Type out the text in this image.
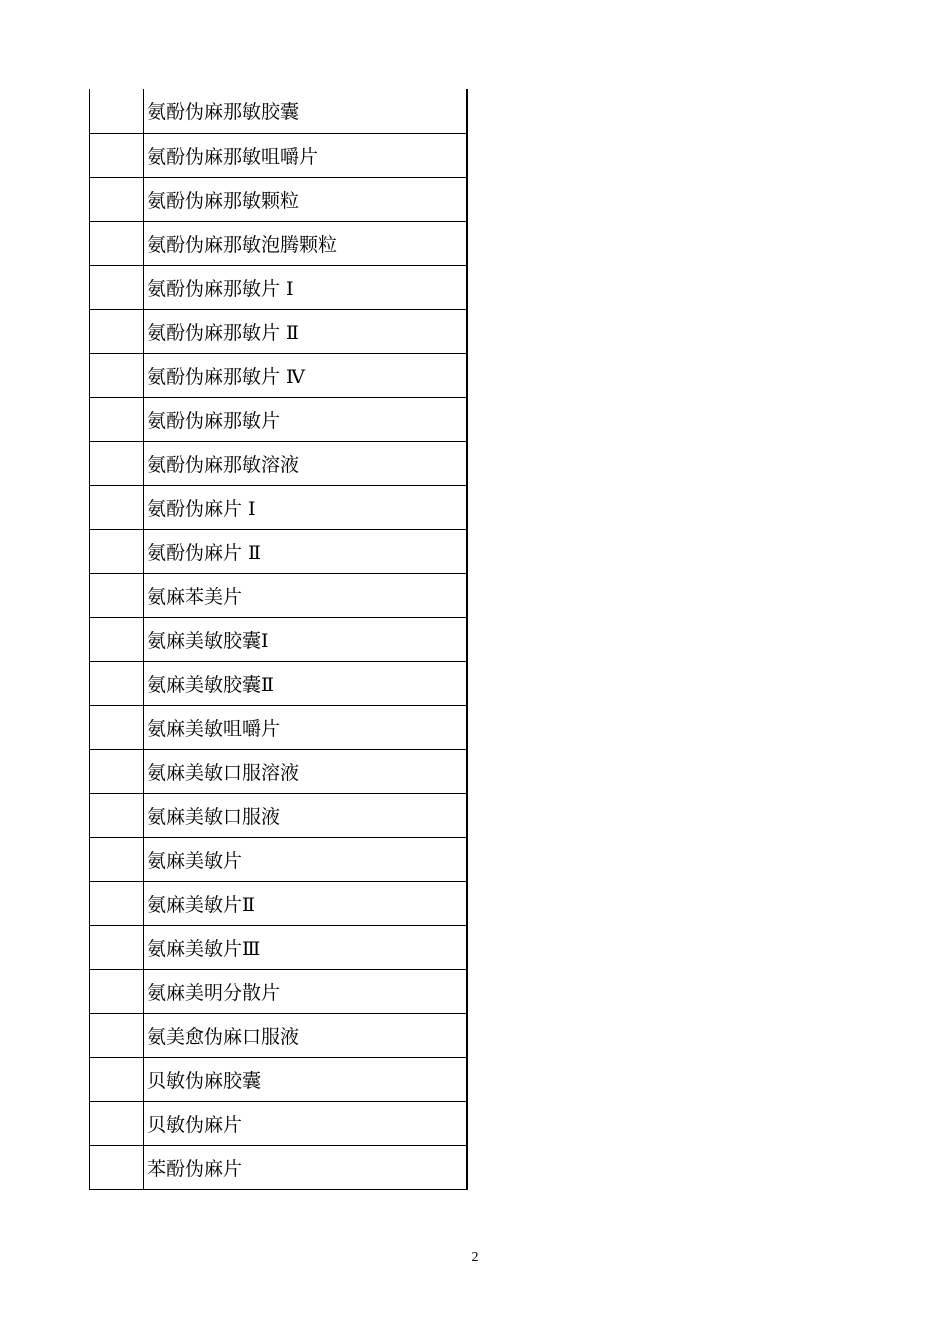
	氨酚伪麻那敏胶囊
	氨酚伪麻那敏咀嚼片
	氨酚伪麻那敏颗粒
	氨酚伪麻那敏泡腾颗粒
	氨酚伪麻那敏片 Ⅰ
	氨酚伪麻那敏片 Ⅱ
	氨酚伪麻那敏片 Ⅳ
	氨酚伪麻那敏片
	氨酚伪麻那敏溶液
	氨酚伪麻片 Ⅰ
	氨酚伪麻片 Ⅱ
	氨麻苯美片
	氨麻美敏胶囊Ⅰ
	氨麻美敏胶囊Ⅱ
	氨麻美敏咀嚼片
	氨麻美敏口服溶液
	氨麻美敏口服液
	氨麻美敏片
	氨麻美敏片Ⅱ
	氨麻美敏片Ⅲ
	氨麻美明分散片
	氨美愈伪麻口服液
	贝敏伪麻胶囊
	贝敏伪麻片
	苯酚伪麻片
2
